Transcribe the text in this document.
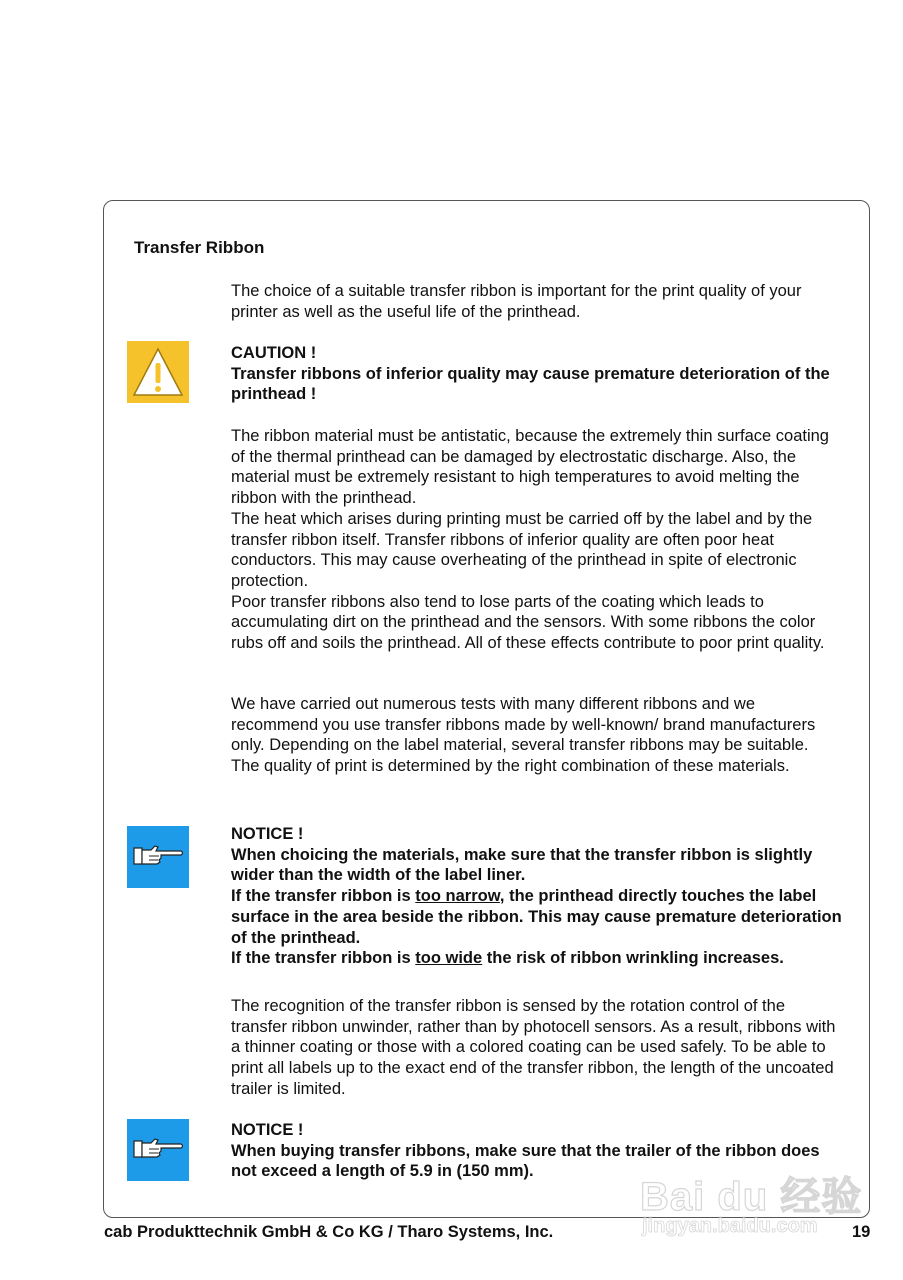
Transfer Ribbon

The choice of a suitable transfer ribbon is important for the print quality of your printer as well as the useful life of the printhead.

CAUTION !

Transfer ribbons of inferior quality may cause premature deterioration of the printhead !

The ribbon material must be antistatic, because the extremely thin surface coating of the thermal printhead can be damaged by electrostatic discharge. Also, the material must be extremely resistant to high temperatures to avoid melting the ribbon with the printhead.

The heat which arises during printing must be carried off by the label and by the transfer ribbon itself. Transfer ribbons of inferior quality are often poor heat conductors. This may cause overheating of the printhead in spite of electronic protection.

Poor transfer ribbons also tend to lose parts of the coating which leads to accumulating dirt on the printhead and the sensors. With some ribbons the color rubs off and soils the printhead. All of these effects contribute to poor print quality.

We have carried out numerous tests with many different ribbons and we recommend you use transfer ribbons made by well-known/ brand manufacturers only. Depending on the label material, several transfer ribbons may be suitable.

The quality of print is determined by the right combination of these materials.

NOTICE !

When choicing the materials, make sure that the transfer ribbon is slightly wider than the width of the label liner.

If the transfer ribbon is too narrow, the printhead directly touches the label surface in the area beside the ribbon. This may cause premature deterioration of the printhead.

If the transfer ribbon is too wide the risk of ribbon wrinkling increases.

The recognition of the transfer ribbon is sensed by the rotation control of the transfer ribbon unwinder, rather than by photocell sensors. As a result, ribbons with a thinner coating or those with a colored coating can be used safely. To be able to print all labels up to the exact end of the transfer ribbon, the length of the uncoated trailer is limited.

NOTICE !

When buying transfer ribbons, make sure that the trailer of the ribbon does not exceed a length of 5.9 in (150 mm).

cab Produkttechnik GmbH & Co KG / Tharo Systems, Inc.	19

Bai du 经验
jingyan.baidu.com
